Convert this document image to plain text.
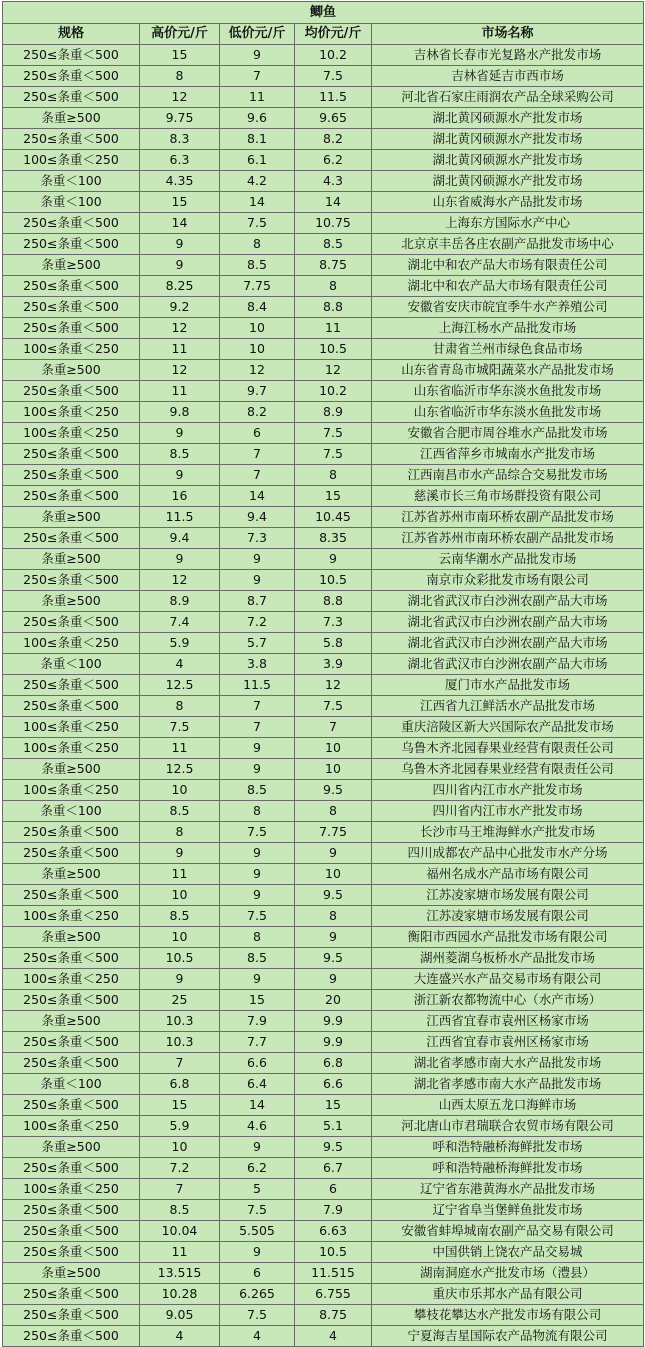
鲫鱼				
规格	高价元/斤	低价元/斤	均价元/斤	市场名称
250≤条重＜500	15	9	10.2	吉林省长春市光复路水产批发市场
250≤条重＜500	8	7	7.5	吉林省延吉市西市场
250≤条重＜500	12	11	11.5	河北省石家庄雨润农产品全球采购公司
条重≥500	9.75	9.6	9.65	湖北黄冈硕源水产批发市场
250≤条重＜500	8.3	8.1	8.2	湖北黄冈硕源水产批发市场
100≤条重＜250	6.3	6.1	6.2	湖北黄冈硕源水产批发市场
条重＜100	4.35	4.2	4.3	湖北黄冈硕源水产批发市场
条重＜100	15	14	14	山东省威海水产品批发市场
250≤条重＜500	14	7.5	10.75	上海东方国际水产中心
250≤条重＜500	9	8	8.5	北京京丰岳各庄农副产品批发市场中心
条重≥500	9	8.5	8.75	湖北中和农产品大市场有限责任公司
250≤条重＜500	8.25	7.75	8	湖北中和农产品大市场有限责任公司
250≤条重＜500	9.2	8.4	8.8	安徽省安庆市皖宜季牛水产养殖公司
250≤条重＜500	12	10	11	上海江杨水产品批发市场
100≤条重＜250	11	10	10.5	甘肃省兰州市绿色食品市场
条重≥500	12	12	12	山东省青岛市城阳蔬菜水产品批发市场
250≤条重＜500	11	9.7	10.2	山东省临沂市华东淡水鱼批发市场
100≤条重＜250	9.8	8.2	8.9	山东省临沂市华东淡水鱼批发市场
100≤条重＜250	9	6	7.5	安徽省合肥市周谷堆水产品批发市场
250≤条重＜500	8.5	7	7.5	江西省萍乡市城南水产批发市场
250≤条重＜500	9	7	8	江西南昌市水产品综合交易批发市场
250≤条重＜500	16	14	15	慈溪市长三角市场群投资有限公司
条重≥500	11.5	9.4	10.45	江苏省苏州市南环桥农副产品批发市场
250≤条重＜500	9.4	7.3	8.35	江苏省苏州市南环桥农副产品批发市场
条重≥500	9	9	9	云南华潮水产品批发市场
250≤条重＜500	12	9	10.5	南京市众彩批发市场有限公司
条重≥500	8.9	8.7	8.8	湖北省武汉市白沙洲农副产品大市场
250≤条重＜500	7.4	7.2	7.3	湖北省武汉市白沙洲农副产品大市场
100≤条重＜250	5.9	5.7	5.8	湖北省武汉市白沙洲农副产品大市场
条重＜100	4	3.8	3.9	湖北省武汉市白沙洲农副产品大市场
250≤条重＜500	12.5	11.5	12	厦门市水产品批发市场
250≤条重＜500	8	7	7.5	江西省九江鲜活水产品批发市场
100≤条重＜250	7.5	7	7	重庆涪陵区新大兴国际农产品批发市场
100≤条重＜250	11	9	10	乌鲁木齐北园春果业经营有限责任公司
条重≥500	12.5	9	10	乌鲁木齐北园春果业经营有限责任公司
100≤条重＜250	10	8.5	9.5	四川省内江市水产批发市场
条重＜100	8.5	8	8	四川省内江市水产批发市场
250≤条重＜500	8	7.5	7.75	长沙市马王堆海鲜水产批发市场
250≤条重＜500	9	9	9	四川成都农产品中心批发市水产分场
条重≥500	11	9	10	福州名成水产品市场有限公司
250≤条重＜500	10	9	9.5	江苏凌家塘市场发展有限公司
100≤条重＜250	8.5	7.5	8	江苏凌家塘市场发展有限公司
条重≥500	10	8	9	衡阳市西园水产品批发市场有限公司
250≤条重＜500	10.5	8.5	9.5	湖州菱湖乌板桥水产品批发市场
100≤条重＜250	9	9	9	大连盛兴水产品交易市场有限公司
250≤条重＜500	25	15	20	浙江新农都物流中心（水产市场）
条重≥500	10.3	7.9	9.9	江西省宜春市袁州区杨家市场
250≤条重＜500	10.3	7.7	9.9	江西省宜春市袁州区杨家市场
250≤条重＜500	7	6.6	6.8	湖北省孝感市南大水产品批发市场
条重＜100	6.8	6.4	6.6	湖北省孝感市南大水产品批发市场
250≤条重＜500	15	14	15	山西太原五龙口海鲜市场
100≤条重＜250	5.9	4.6	5.1	河北唐山市君瑞联合农贸市场有限公司
条重≥500	10	9	9.5	呼和浩特融桥海鲜批发市场
250≤条重＜500	7.2	6.2	6.7	呼和浩特融桥海鲜批发市场
100≤条重＜250	7	5	6	辽宁省东港黄海水产品批发市场
250≤条重＜500	8.5	7.5	7.9	辽宁省阜当堡鲜鱼批发市场
250≤条重＜500	10.04	5.505	6.63	安徽省蚌埠城南农副产品交易有限公司
250≤条重＜500	11	9	10.5	中国供销上饶农产品交易城
条重≥500	13.515	6	11.515	湖南洞庭水产批发市场（澧县）
250≤条重＜500	10.28	6.265	6.755	重庆市乐邦水产品有限公司
250≤条重＜500	9.05	7.5	8.75	攀枝花攀达水产批发市场有限公司
250≤条重＜500	4	4	4	宁夏海吉星国际农产品物流有限公司
